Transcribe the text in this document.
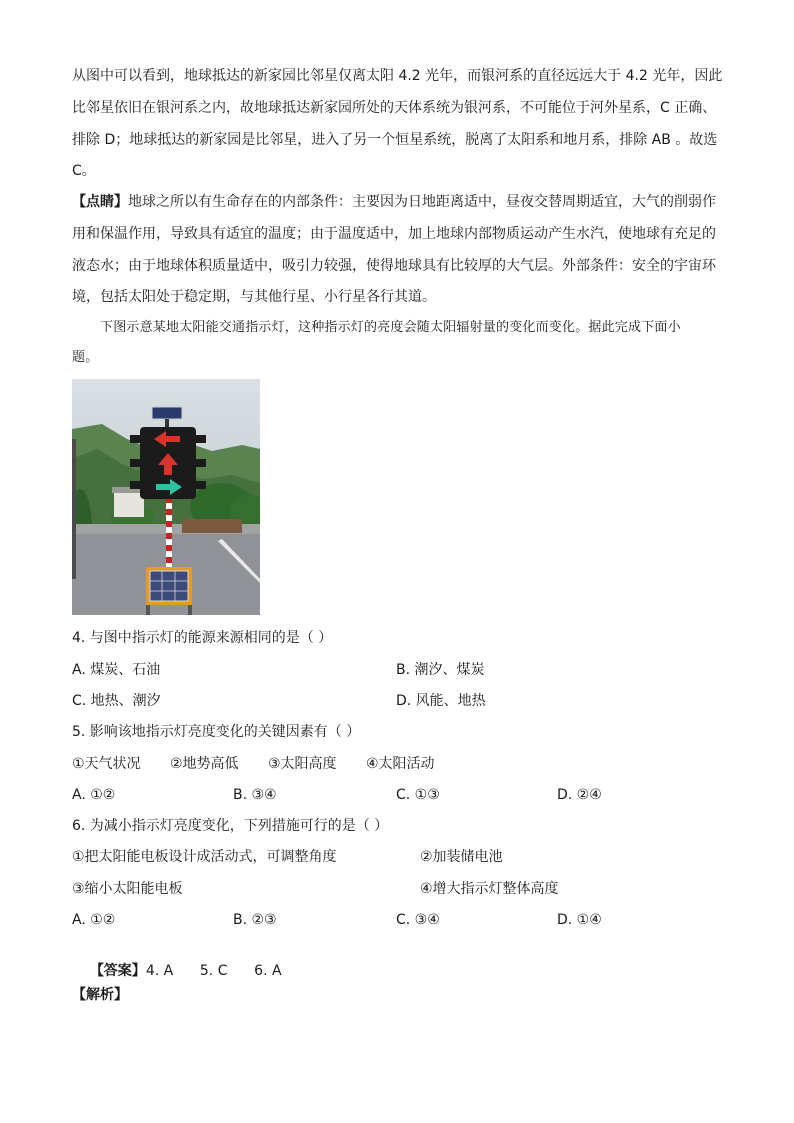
从图中可以看到，地球抵达的新家园比邻星仅离太阳 4.2 光年，而银河系的直径远远大于 4.2 光年，因此
比邻星依旧在银河系之内，故地球抵达新家园所处的天体系统为银河系，不可能位于河外星系，C 正确、
排除 D；地球抵达的新家园是比邻星，进入了另一个恒星系统，脱离了太阳系和地月系，排除 AB 。故选
C。
【点睛】地球之所以有生命存在的内部条件：主要因为日地距离适中，昼夜交替周期适宜，大气的削弱作
用和保温作用，导致具有适宜的温度；由于温度适中，加上地球内部物质运动产生水汽，使地球有充足的
液态水；由于地球体积质量适中，吸引力较强，使得地球具有比较厚的大气层。外部条件：安全的宇宙环
境，包括太阳处于稳定期，与其他行星、小行星各行其道。
下图示意某地太阳能交通指示灯，这种指示灯的亮度会随太阳辐射量的变化而变化。据此完成下面小
题。
4. 与图中指示灯的能源来源相同的是（ ）
A. 煤炭、石油	B. 潮汐、煤炭
C. 地热、潮汐	D. 风能、地热
5. 影响该地指示灯亮度变化的关键因素有（ ）
①天气状况 ②地势高低 ③太阳高度 ④太阳活动
A. ①②	B. ③④	C. ①③	D. ②④
6. 为减小指示灯亮度变化，下列措施可行的是（ ）
①把太阳能电板设计成活动式，可调整角度	②加装储电池
③缩小太阳能电板	④增大指示灯整体高度
A. ①②	B. ②③	C. ③④	D. ①④

【答案】4. A      5. C      6. A

【解析】
